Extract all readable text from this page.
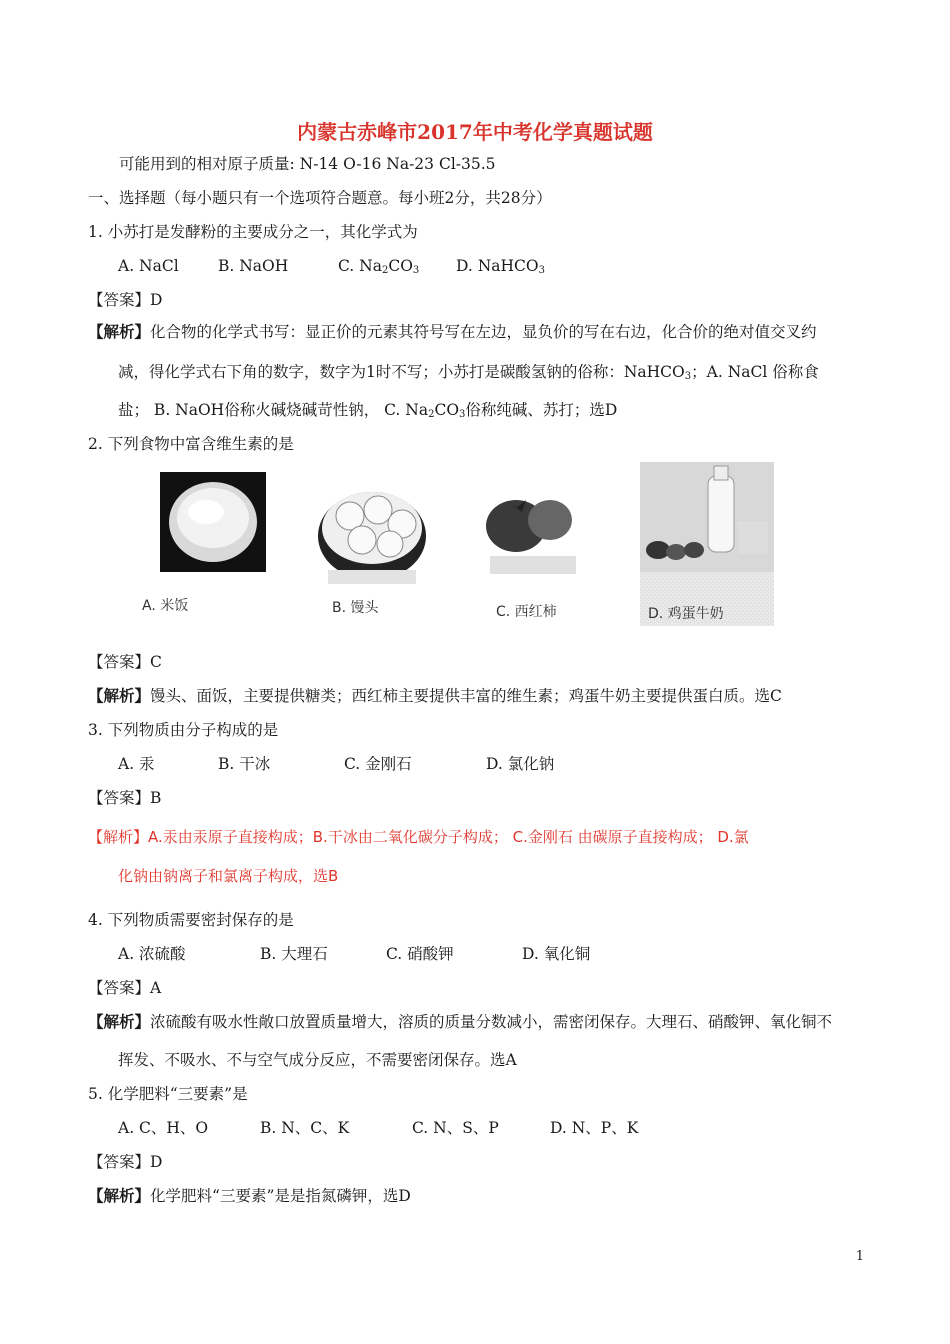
内蒙古赤峰市2017年中考化学真题试题
可能用到的相对原子质量: N-14 O-16 Na-23 Cl-35.5
一、选择题（每小题只有一个选项符合题意。每小班2分，共28分）
1. 小苏打是发酵粉的主要成分之一，其化学式为
A. NaCl	B. NaOH	C. $Na_2CO_3$ D. NaHCO$_3$
【答案】D
【解析】化合物的化学式书写：显正价的元素其符号写在左边，显负价的写在右边，化合价的绝对值交叉约
减，得化学式右下角的数字，数字为1时不写；小苏打是碳酸氢钠的俗称：NaHCO$_3$；A. NaCl 俗称食
盐； B. NaOH俗称火碱烧碱苛性钠， C. $Na_2CO_3$俗称纯碱、苏打；选D
2. 下列食物中富含维生素的是
A. 米饭	B. 馒头	C. 西红柿	D. 鸡蛋牛奶
【答案】C
【解析】馒头、面饭，主要提供糖类；西红柿主要提供丰富的维生素；鸡蛋牛奶主要提供蛋白质。选C
3. 下列物质由分子构成的是
A. 汞	B. 干冰	C. 金刚石	D. 氯化钠
【答案】B
【解析】A.汞由汞原子直接构成；B.干冰由二氧化碳分子构成； C.金刚石 由碳原子直接构成； D.氯
化钠由钠离子和氯离子构成，选B
4. 下列物质需要密封保存的是
A. 浓硫酸	B. 大理石	C. 硝酸钾	D. 氧化铜
【答案】A
【解析】浓硫酸有吸水性敞口放置质量增大，溶质的质量分数减小，需密闭保存。大理石、硝酸钾、氧化铜不
挥发、不吸水、不与空气成分反应，不需要密闭保存。选A
5. 化学肥料“三要素”是
A. C、H、O	B. N、C、K	C. N、S、P	D. N、P、K
【答案】D
【解析】化学肥料“三要素”是是指氮磷钾，选D
1
